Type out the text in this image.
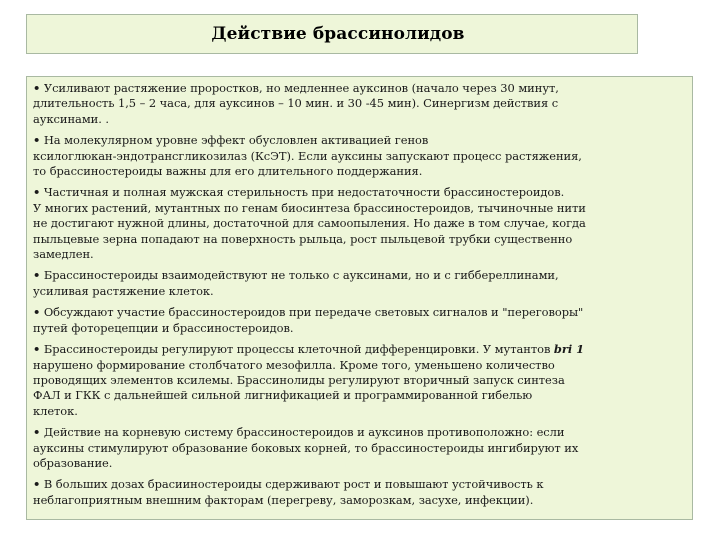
Действие брассинолидов

• Усиливают растяжение проростков, но медленнее ауксинов (начало через 30 минут,
длительность 1,5 – 2 часа, для ауксинов – 10 мин. и 30 -45 мин). Синергизм действия с
ауксинами. .

• На молекулярном уровне эффект обусловлен активацией генов
ксилоглюкан-эндотрансгликозилаз (КсЭТ). Если ауксины запускают процесс растяжения,
то брассиностероиды важны для его длительного поддержания.

• Частичная и полная мужская стерильность при недостаточности брассиностероидов.
У многих растений, мутантных по генам биосинтеза брассиностероидов, тычиночные нити
не достигают нужной длины, достаточной для самоопыления. Но даже в том случае, когда
пыльцевые зерна попадают на поверхность рыльца, рост пыльцевой трубки существенно
замедлен.

• Брассиностероиды взаимодействуют не только с ауксинами, но и с гиббереллинами,
усиливая растяжение клеток.

• Обсуждают участие брассиностероидов при передаче световых сигналов и "переговоры"
путей фоторецепции и брассиностероидов.

• Брассиностероиды регулируют процессы клеточной дифференцировки. У мутантов bri 1
нарушено формирование столбчатого мезофилла. Кроме того, уменьшено количество
проводящих элементов ксилемы. Брассинолиды регулируют вторичный запуск синтеза
ФАЛ и ГКК с дальнейшей сильной лигнификацией и программированной гибелью
клеток.

• Действие на корневую систему брассиностероидов и ауксинов противоположно: если
ауксины стимулируют образование боковых корней, то брассиностероиды ингибируют их
образование.

• В больших дозах брасииностероиды сдерживают рост и повышают устойчивость к
неблагоприятным внешним факторам (перегреву, заморозкам, засухе, инфекции).
